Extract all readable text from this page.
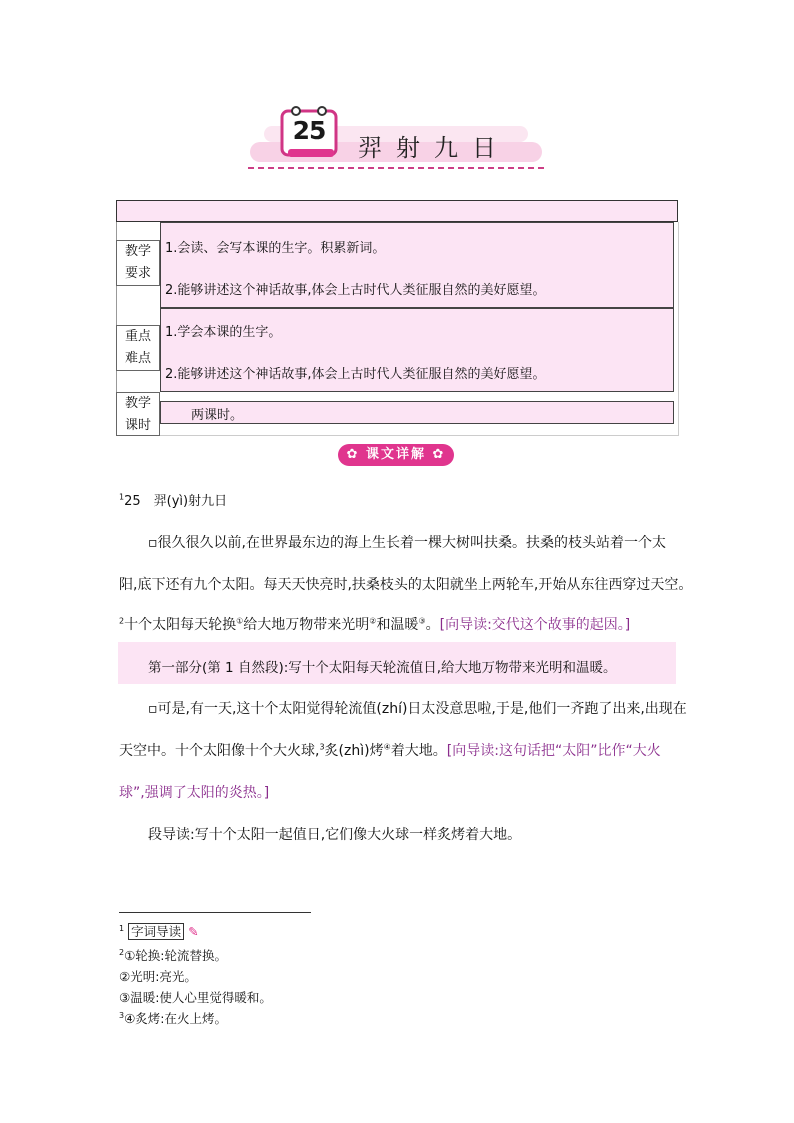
25
羿射九日
教学
要求
1.会读、会写本课的生字。积累新词。
2.能够讲述这个神话故事,体会上古时代人类征服自然的美好愿望。
重点
难点
1.学会本课的生字。
2.能够讲述这个神话故事,体会上古时代人类征服自然的美好愿望。
教学
课时
两课时。
✿ 课文详解 ✿
$^1$25　羿(yì)射九日
▫很久很久以前,在世界最东边的海上生长着一棵大树叫扶桑。扶桑的枝头站着一个太
阳,底下还有九个太阳。每天天快亮时,扶桑枝头的太阳就坐上两轮车,开始从东往西穿过天空。
$^2$十个太阳每天轮换①给大地万物带来光明②和温暖③。[向导读:交代这个故事的起因。]
第一部分(第 1 自然段):写十个太阳每天轮流值日,给大地万物带来光明和温暖。
▫可是,有一天,这十个太阳觉得轮流值(zhí)日太没意思啦,于是,他们一齐跑了出来,出现在
天空中。十个太阳像十个大火球,$^3$炙(zhì)烤④着大地。[向导读:这句话把“太阳”比作“大火
球”,强调了太阳的炎热。]
段导读:写十个太阳一起值日,它们像大火球一样炙烤着大地。
$^1$ 字词导读 ✎
$^2$①轮换:轮流替换。
②光明:亮光。
③温暖:使人心里觉得暖和。
$^3$④炙烤:在火上烤。
